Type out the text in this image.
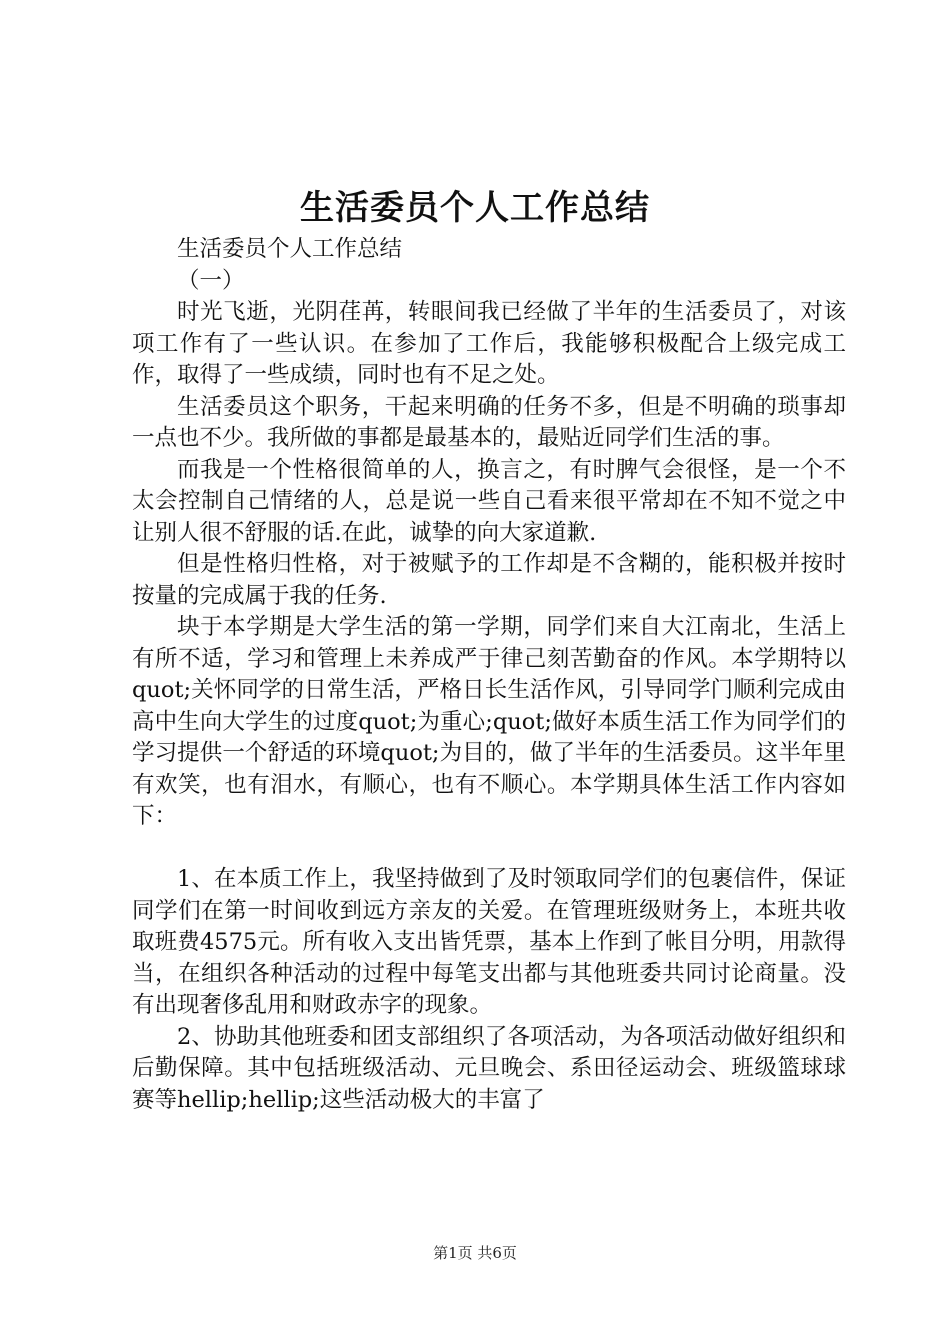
生活委员个人工作总结

生活委员个人工作总结

（一）

时光飞逝，光阴荏苒，转眼间我已经做了半年的生活委员了，对该项工作有了一些认识。在参加了工作后，我能够积极配合上级完成工作，取得了一些成绩，同时也有不足之处。

生活委员这个职务，干起来明确的任务不多，但是不明确的琐事却一点也不少。我所做的事都是最基本的，最贴近同学们生活的事。

而我是一个性格很简单的人，换言之，有时脾气会很怪，是一个不太会控制自己情绪的人，总是说一些自己看来很平常却在不知不觉之中让别人很不舒服的话.在此，诚挚的向大家道歉.

但是性格归性格，对于被赋予的工作却是不含糊的，能积极并按时按量的完成属于我的任务.

块于本学期是大学生活的第一学期，同学们来自大江南北，生活上有所不适，学习和管理上未养成严于律己刻苦勤奋的作风。本学期特以quot;关怀同学的日常生活，严格日长生活作风，引导同学门顺利完成由高中生向大学生的过度quot;为重心;quot;做好本质生活工作为同学们的学习提供一个舒适的环境quot;为目的，做了半年的生活委员。这半年里有欢笑，也有泪水，有顺心，也有不顺心。本学期具体生活工作内容如下：

1、在本质工作上，我坚持做到了及时领取同学们的包裹信件，保证同学们在第一时间收到远方亲友的关爱。在管理班级财务上，本班共收取班费4575元。所有收入支出皆凭票，基本上作到了帐目分明，用款得当，在组织各种活动的过程中每笔支出都与其他班委共同讨论商量。没有出现奢侈乱用和财政赤字的现象。

2、协助其他班委和团支部组织了各项活动，为各项活动做好组织和后勤保障。其中包括班级活动、元旦晚会、系田径运动会、班级篮球球赛等hellip;hellip;这些活动极大的丰富了

第1页 共6页
